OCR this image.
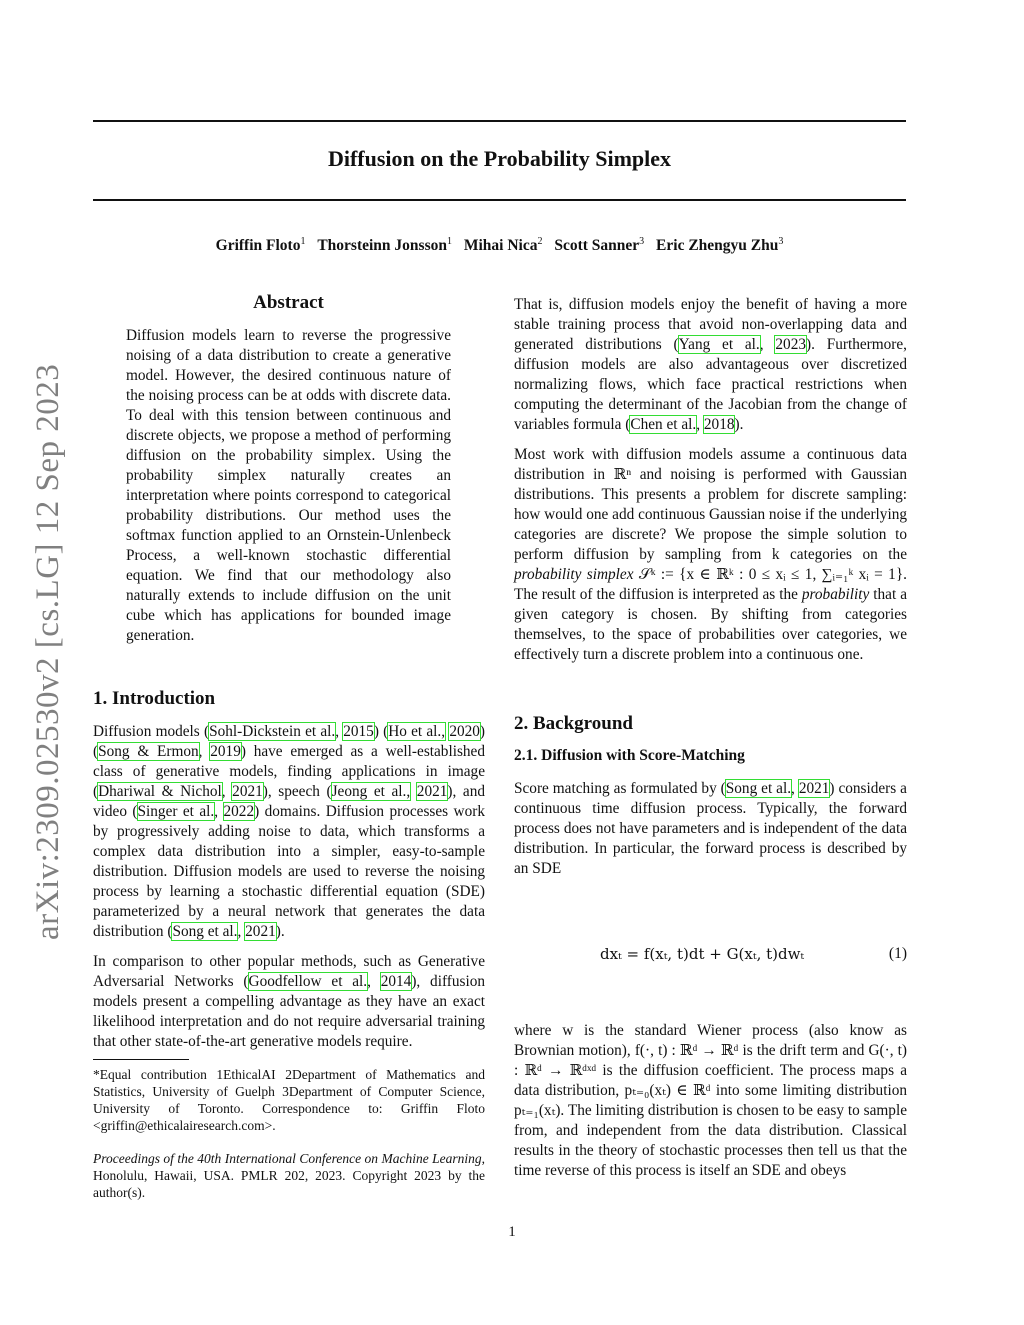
Diffusion on the Probability Simplex
Griffin Floto$^1$ Thorsteinn Jonsson$^1$ Mihai Nica$^2$ Scott Sanner$^3$ Eric Zhengyu Zhu$^3$
arXiv:2309.02530v2 [cs.LG] 12 Sep 2023
Abstract

Diffusion models learn to reverse the progressive noising of a data distribution to create a generative model. However, the desired continuous nature of the noising process can be at odds with discrete data. To deal with this tension between continuous and discrete objects, we propose a method of performing diffusion on the probability simplex. Using the probability simplex naturally creates an interpretation where points correspond to categorical probability distributions. Our method uses the softmax function applied to an Ornstein-Unlenbeck Process, a well-known stochastic differential equation. We find that our methodology also naturally extends to include diffusion on the unit cube which has applications for bounded image generation.

1. Introduction

Diffusion models (Sohl-Dickstein et al., 2015) (Ho et al., 2020) (Song & Ermon, 2019) have emerged as a well-established class of generative models, finding applications in image (Dhariwal & Nichol, 2021), speech (Jeong et al., 2021), and video (Singer et al., 2022) domains. Diffusion processes work by progressively adding noise to data, which transforms a complex data distribution into a simpler, easy-to-sample distribution. Diffusion models are used to reverse the noising process by learning a stochastic differential equation (SDE) parameterized by a neural network that generates the data distribution (Song et al., 2021).

In comparison to other popular methods, such as Generative Adversarial Networks (Goodfellow et al., 2014), diffusion models present a compelling advantage as they have an exact likelihood interpretation and do not require adversarial training that other state-of-the-art generative models require.

*Equal contribution 1EthicalAI 2Department of Mathematics and Statistics, University of Guelph 3Department of Computer Science, University of Toronto. Correspondence to: Griffin Floto <griffin@ethicalairesearch.com>.

Proceedings of the 40th International Conference on Machine Learning, Honolulu, Hawaii, USA. PMLR 202, 2023. Copyright 2023 by the author(s).

That is, diffusion models enjoy the benefit of having a more stable training process that avoid non-overlapping data and generated distributions (Yang et al., 2023). Furthermore, diffusion models are also advantageous over discretized normalizing flows, which face practical restrictions when computing the determinant of the Jacobian from the change of variables formula (Chen et al., 2018).

Most work with diffusion models assume a continuous data distribution in ℝⁿ and noising is performed with Gaussian distributions. This presents a problem for discrete sampling: how would one add continuous Gaussian noise if the underlying categories are discrete? We propose the simple solution to perform diffusion by sampling from k categories on the probability simplex 𝒮ᵏ := {x ∈ ℝᵏ : 0 ≤ xᵢ ≤ 1, ∑ᵢ₌₁ᵏ xᵢ = 1}. The result of the diffusion is interpreted as the probability that a given category is chosen. By shifting from categories themselves, to the space of probabilities over categories, we effectively turn a discrete problem into a continuous one.

2. Background
2.1. Diffusion with Score-Matching

Score matching as formulated by (Song et al., 2021) considers a continuous time diffusion process. Typically, the forward process does not have parameters and is independent of the data distribution. In particular, the forward process is described by an SDE

dxₜ = f(xₜ, t)dt + G(xₜ, t)dwₜ	(1)

where w is the standard Wiener process (also know as Brownian motion), f(·, t) : ℝᵈ → ℝᵈ is the drift term and G(·, t) : ℝᵈ → ℝᵈˣᵈ is the diffusion coefficient. The process maps a data distribution, pₜ₌₀(xₜ) ∈ ℝᵈ into some limiting distribution pₜ₌₁(xₜ). The limiting distribution is chosen to be easy to sample from, and independent from the data distribution. Classical results in the theory of stochastic processes then tell us that the time reverse of this process is itself an SDE and obeys

1
